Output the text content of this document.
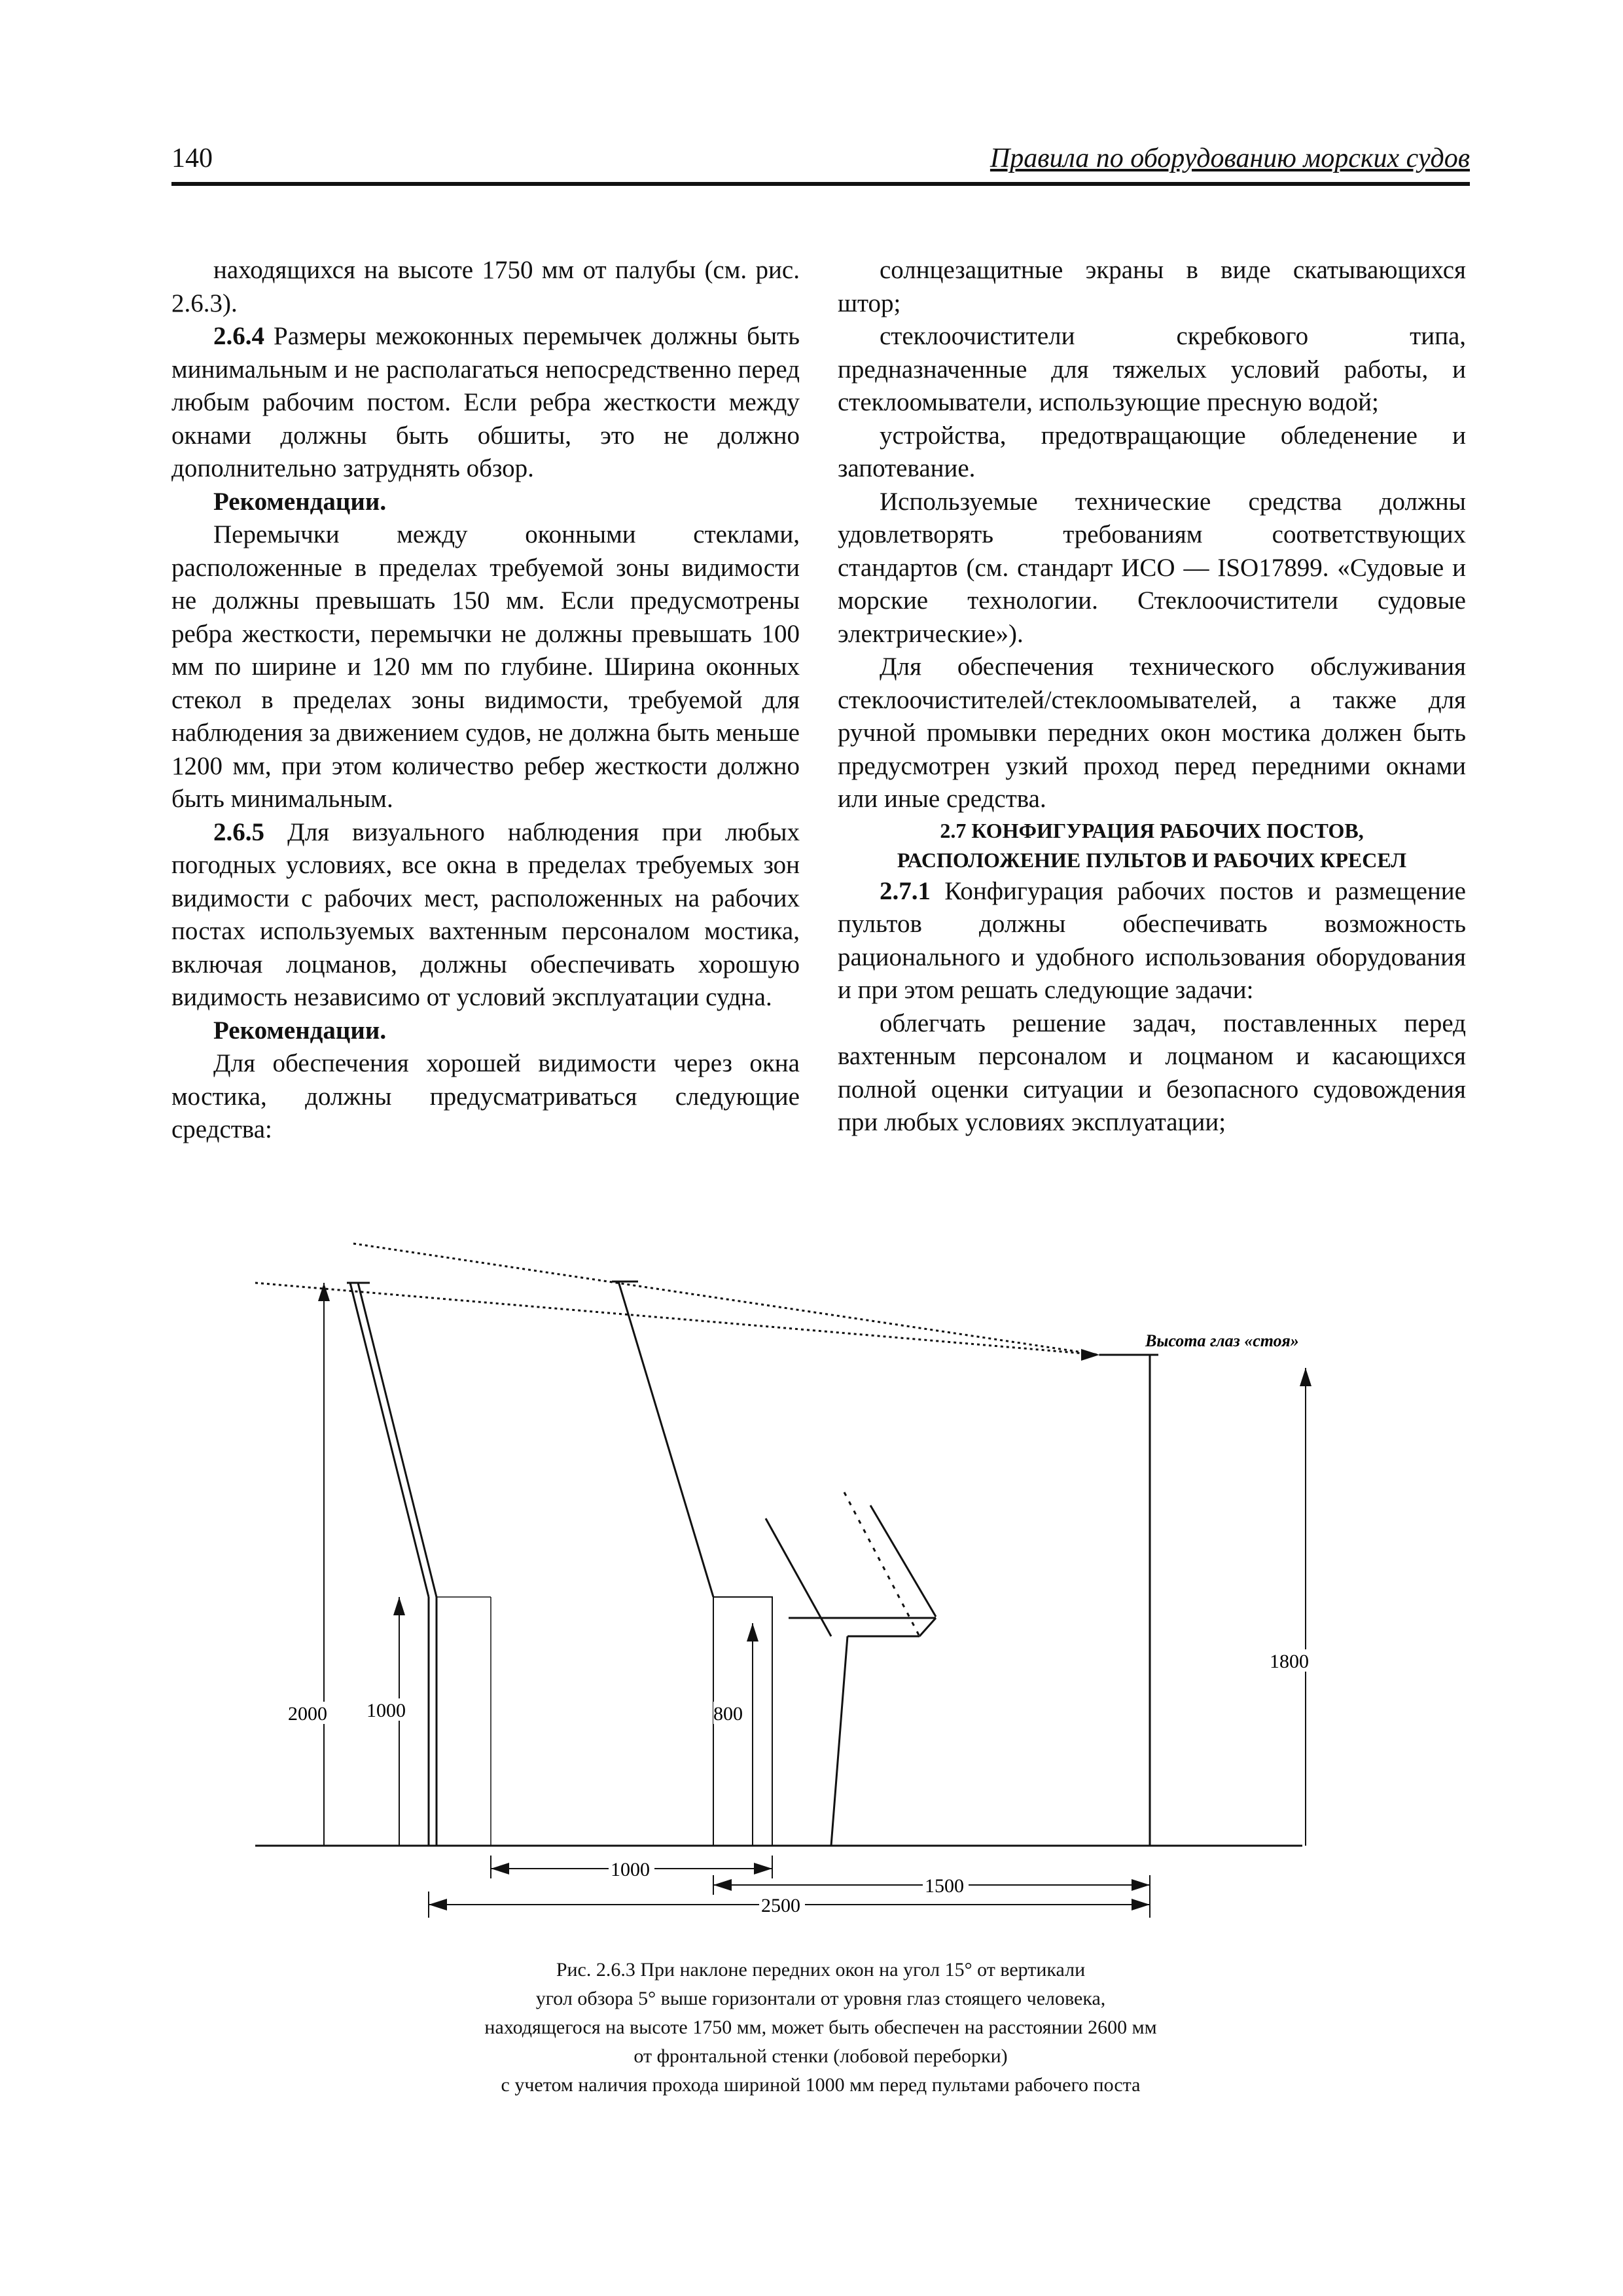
140	Правила по оборудованию морских судов

находящихся на высоте 1750 мм от палубы (см. рис. 2.6.3).

2.6.4 Размеры межоконных перемычек должны быть минимальным и не располагаться непосредственно перед любым рабочим постом. Если ребра жесткости между окнами должны быть обшиты, это не должно дополнительно затруднять обзор.

Рекомендации.

Перемычки между оконными стеклами, расположенные в пределах требуемой зоны видимости не должны превышать 150 мм. Если предусмотрены ребра жесткости, перемычки не должны превышать 100 мм по ширине и 120 мм по глубине. Ширина оконных стекол в пределах зоны видимости, требуемой для наблюдения за движением судов, не должна быть меньше 1200 мм, при этом количество ребер жесткости должно быть минимальным.

2.6.5 Для визуального наблюдения при любых погодных условиях, все окна в пределах требуемых зон видимости с рабочих мест, расположенных на рабочих постах используемых вахтенным персоналом мостика, включая лоцманов, должны обеспечивать хорошую видимость независимо от условий эксплуатации судна.

Рекомендации.

Для обеспечения хорошей видимости через окна мостика, должны предусматриваться следующие средства:

солнцезащитные экраны в виде скатывающихся штор;

стеклоочистители скребкового типа, предназначенные для тяжелых условий работы, и стеклоомыватели, использующие пресную водой;

устройства, предотвращающие обледенение и запотевание.

Используемые технические средства должны удовлетворять требованиям соответствующих стандартов (см. стандарт ИСО — ISO17899. «Судовые и морские технологии. Стеклоочистители судовые электрические»).

Для обеспечения технического обслуживания стеклоочистителей/стеклоомывателей, а также для ручной промывки передних окон мостика должен быть предусмотрен узкий проход перед передними окнами или иные средства.

2.7 КОНФИГУРАЦИЯ РАБОЧИХ ПОСТОВ,
РАСПОЛОЖЕНИЕ ПУЛЬТОВ И РАБОЧИХ КРЕСЕЛ

2.7.1 Конфигурация рабочих постов и размещение пультов должны обеспечивать возможность рационального и удобного использования оборудования и при этом решать следующие задачи:

облегчать решение задач, поставленных перед вахтенным персоналом и лоцманом и касающихся полной оценки ситуации и безопасного судовождения при любых условиях эксплуатации;

Высота глаз «стоя»
2000 1000	800
1800
1000
1500
2500
Рис. 2.6.3 При наклоне передних окон на угол 15° от вертикали
угол обзора 5° выше горизонтали от уровня глаз стоящего человека,
находящегося на высоте 1750 мм, может быть обеспечен на расстоянии 2600 мм
от фронтальной стенки (лобовой переборки)
с учетом наличия прохода шириной 1000 мм перед пультами рабочего поста
